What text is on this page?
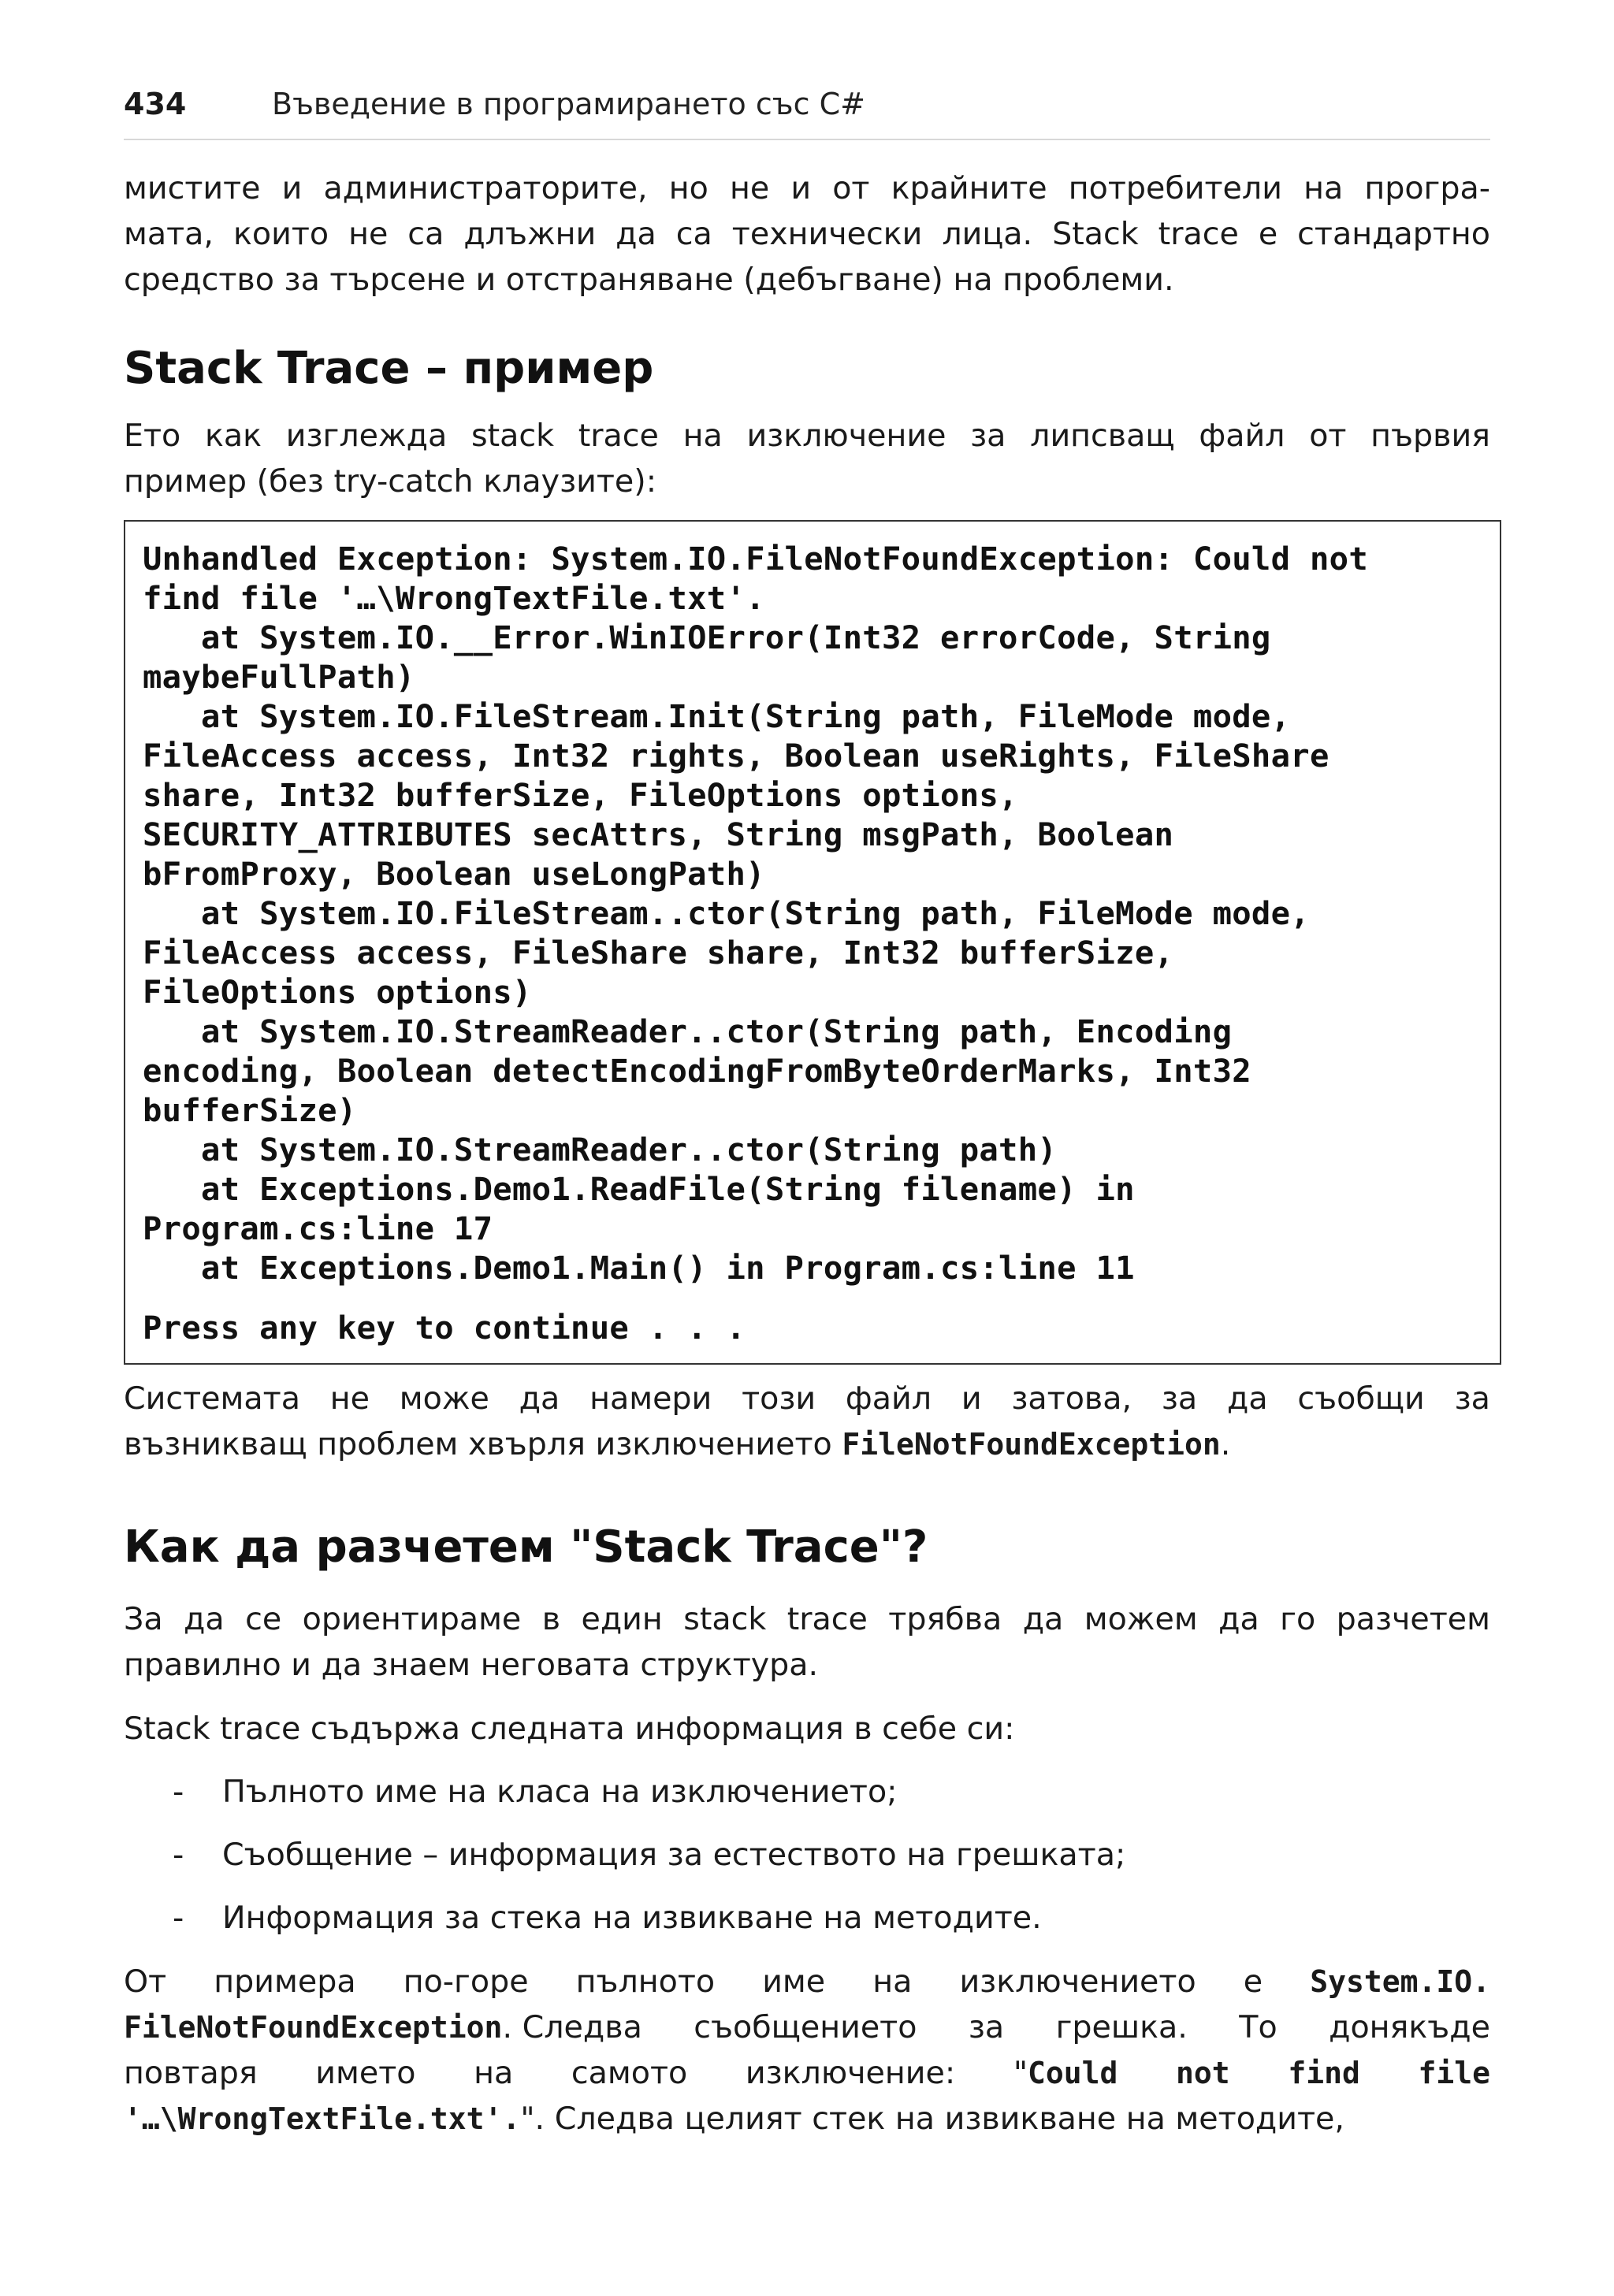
434	Въведение в програмирането със C#
мистите и администраторите, но не и от крайните потребители на програ-
мата, които не са длъжни да са технически лица. Stack trace е стандартно
средство за търсене и отстраняване (дебъгване) на проблеми.
Stack Trace – пример
Ето как изглежда stack trace на изключение за липсващ файл от първия
пример (без try-catch клаузите):
Unhandled Exception: System.IO.FileNotFoundException: Could not
find file '…\WrongTextFile.txt'.
at System.IO.__Error.WinIOError(Int32 errorCode, String
maybeFullPath)
at System.IO.FileStream.Init(String path, FileMode mode,
FileAccess access, Int32 rights, Boolean useRights, FileShare
share, Int32 bufferSize, FileOptions options,
SECURITY_ATTRIBUTES secAttrs, String msgPath, Boolean
bFromProxy, Boolean useLongPath)
at System.IO.FileStream..ctor(String path, FileMode mode,
FileAccess access, FileShare share, Int32 bufferSize,
FileOptions options)
at System.IO.StreamReader..ctor(String path, Encoding
encoding, Boolean detectEncodingFromByteOrderMarks, Int32
bufferSize)
at System.IO.StreamReader..ctor(String path)
at Exceptions.Demo1.ReadFile(String filename) in
Program.cs:line 17
at Exceptions.Demo1.Main() in Program.cs:line 11
Press any key to continue . . .
Системата не може да намери този файл и затова, за да съобщи за
възникващ проблем хвърля изключението FileNotFoundException.
Как да разчетем "Stack Trace"?
За да се ориентираме в един stack trace трябва да можем да го разчетем
правилно и да знаем неговата структура.
Stack trace съдържа следната информация в себе си:
- Пълното име на класа на изключението;
- Съобщение – информация за естеството на грешката;
- Информация за стека на извикване на методите.
От примера по-горе пълното име на изключението е System.IO.
FileNotFoundException. Следва съобщението за грешка. То донякъде
повтаря името на самото изключение: "Could not find file
'…\WrongTextFile.txt'.". Следва целият стек на извикване на методите,
